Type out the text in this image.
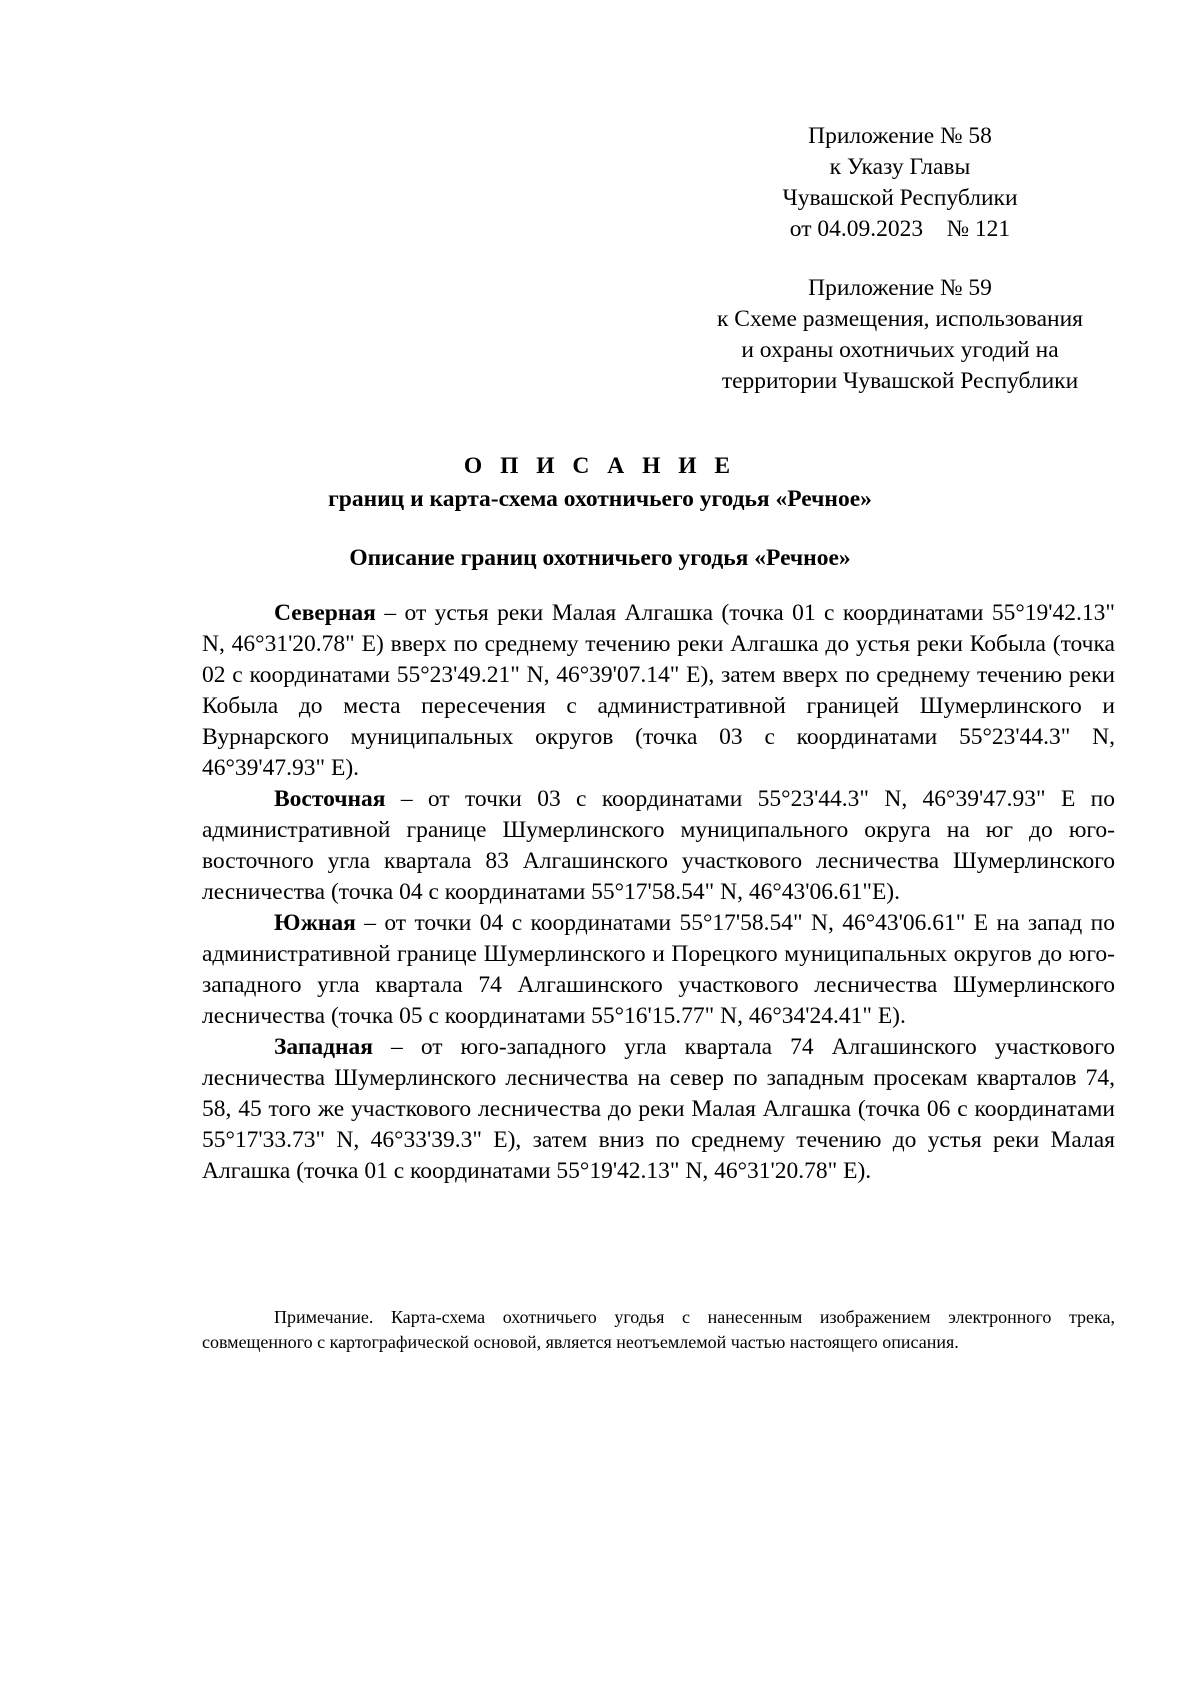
Приложение № 58
к Указу Главы
Чувашской Республики
от 04.09.2023    № 121
Приложение № 59
к Схеме размещения, использования
и охраны охотничьих угодий на
территории Чувашской Республики
О П И С А Н И Е
границ и карта-схема охотничьего угодья «Речное»
Описание границ охотничьего угодья «Речное»

Северная – от устья реки Малая Алгашка (точка 01 с координатами 55°19'42.13" N, 46°31'20.78" E) вверх по среднему течению реки Алгашка до устья реки Кобыла (точка 02 с координатами 55°23'49.21" N, 46°39'07.14" E), затем вверх по среднему течению реки Кобыла до места пересечения с административной границей Шумерлинского и Вурнарского муниципальных округов (точка 03 с координатами 55°23'44.3" N, 46°39'47.93" E).

Восточная – от точки 03 с координатами 55°23'44.3" N, 46°39'47.93" E по административной границе Шумерлинского муниципального округа на юг до юго-восточного угла квартала 83 Алгашинского участкового лесничества Шумерлинского лесничества (точка 04 с координатами 55°17'58.54" N, 46°43'06.61"E).

Южная – от точки 04 с координатами 55°17'58.54" N, 46°43'06.61" E на запад по административной границе Шумерлинского и Порецкого муниципальных округов до юго-западного угла квартала 74 Алгашинского участкового лесничества Шумерлинского лесничества (точка 05 с координатами 55°16'15.77" N, 46°34'24.41" E).

Западная – от юго-западного угла квартала 74 Алгашинского участкового лесничества Шумерлинского лесничества на север по западным просекам кварталов 74, 58, 45 того же участкового лесничества до реки Малая Алгашка (точка 06 с координатами 55°17'33.73" N, 46°33'39.3" E), затем вниз по среднему течению до устья реки Малая Алгашка (точка 01 с координатами 55°19'42.13" N, 46°31'20.78" E).

Примечание. Карта-схема охотничьего угодья с нанесенным изображением электронного трека, совмещенного с картографической основой, является неотъемлемой частью настоящего описания.
